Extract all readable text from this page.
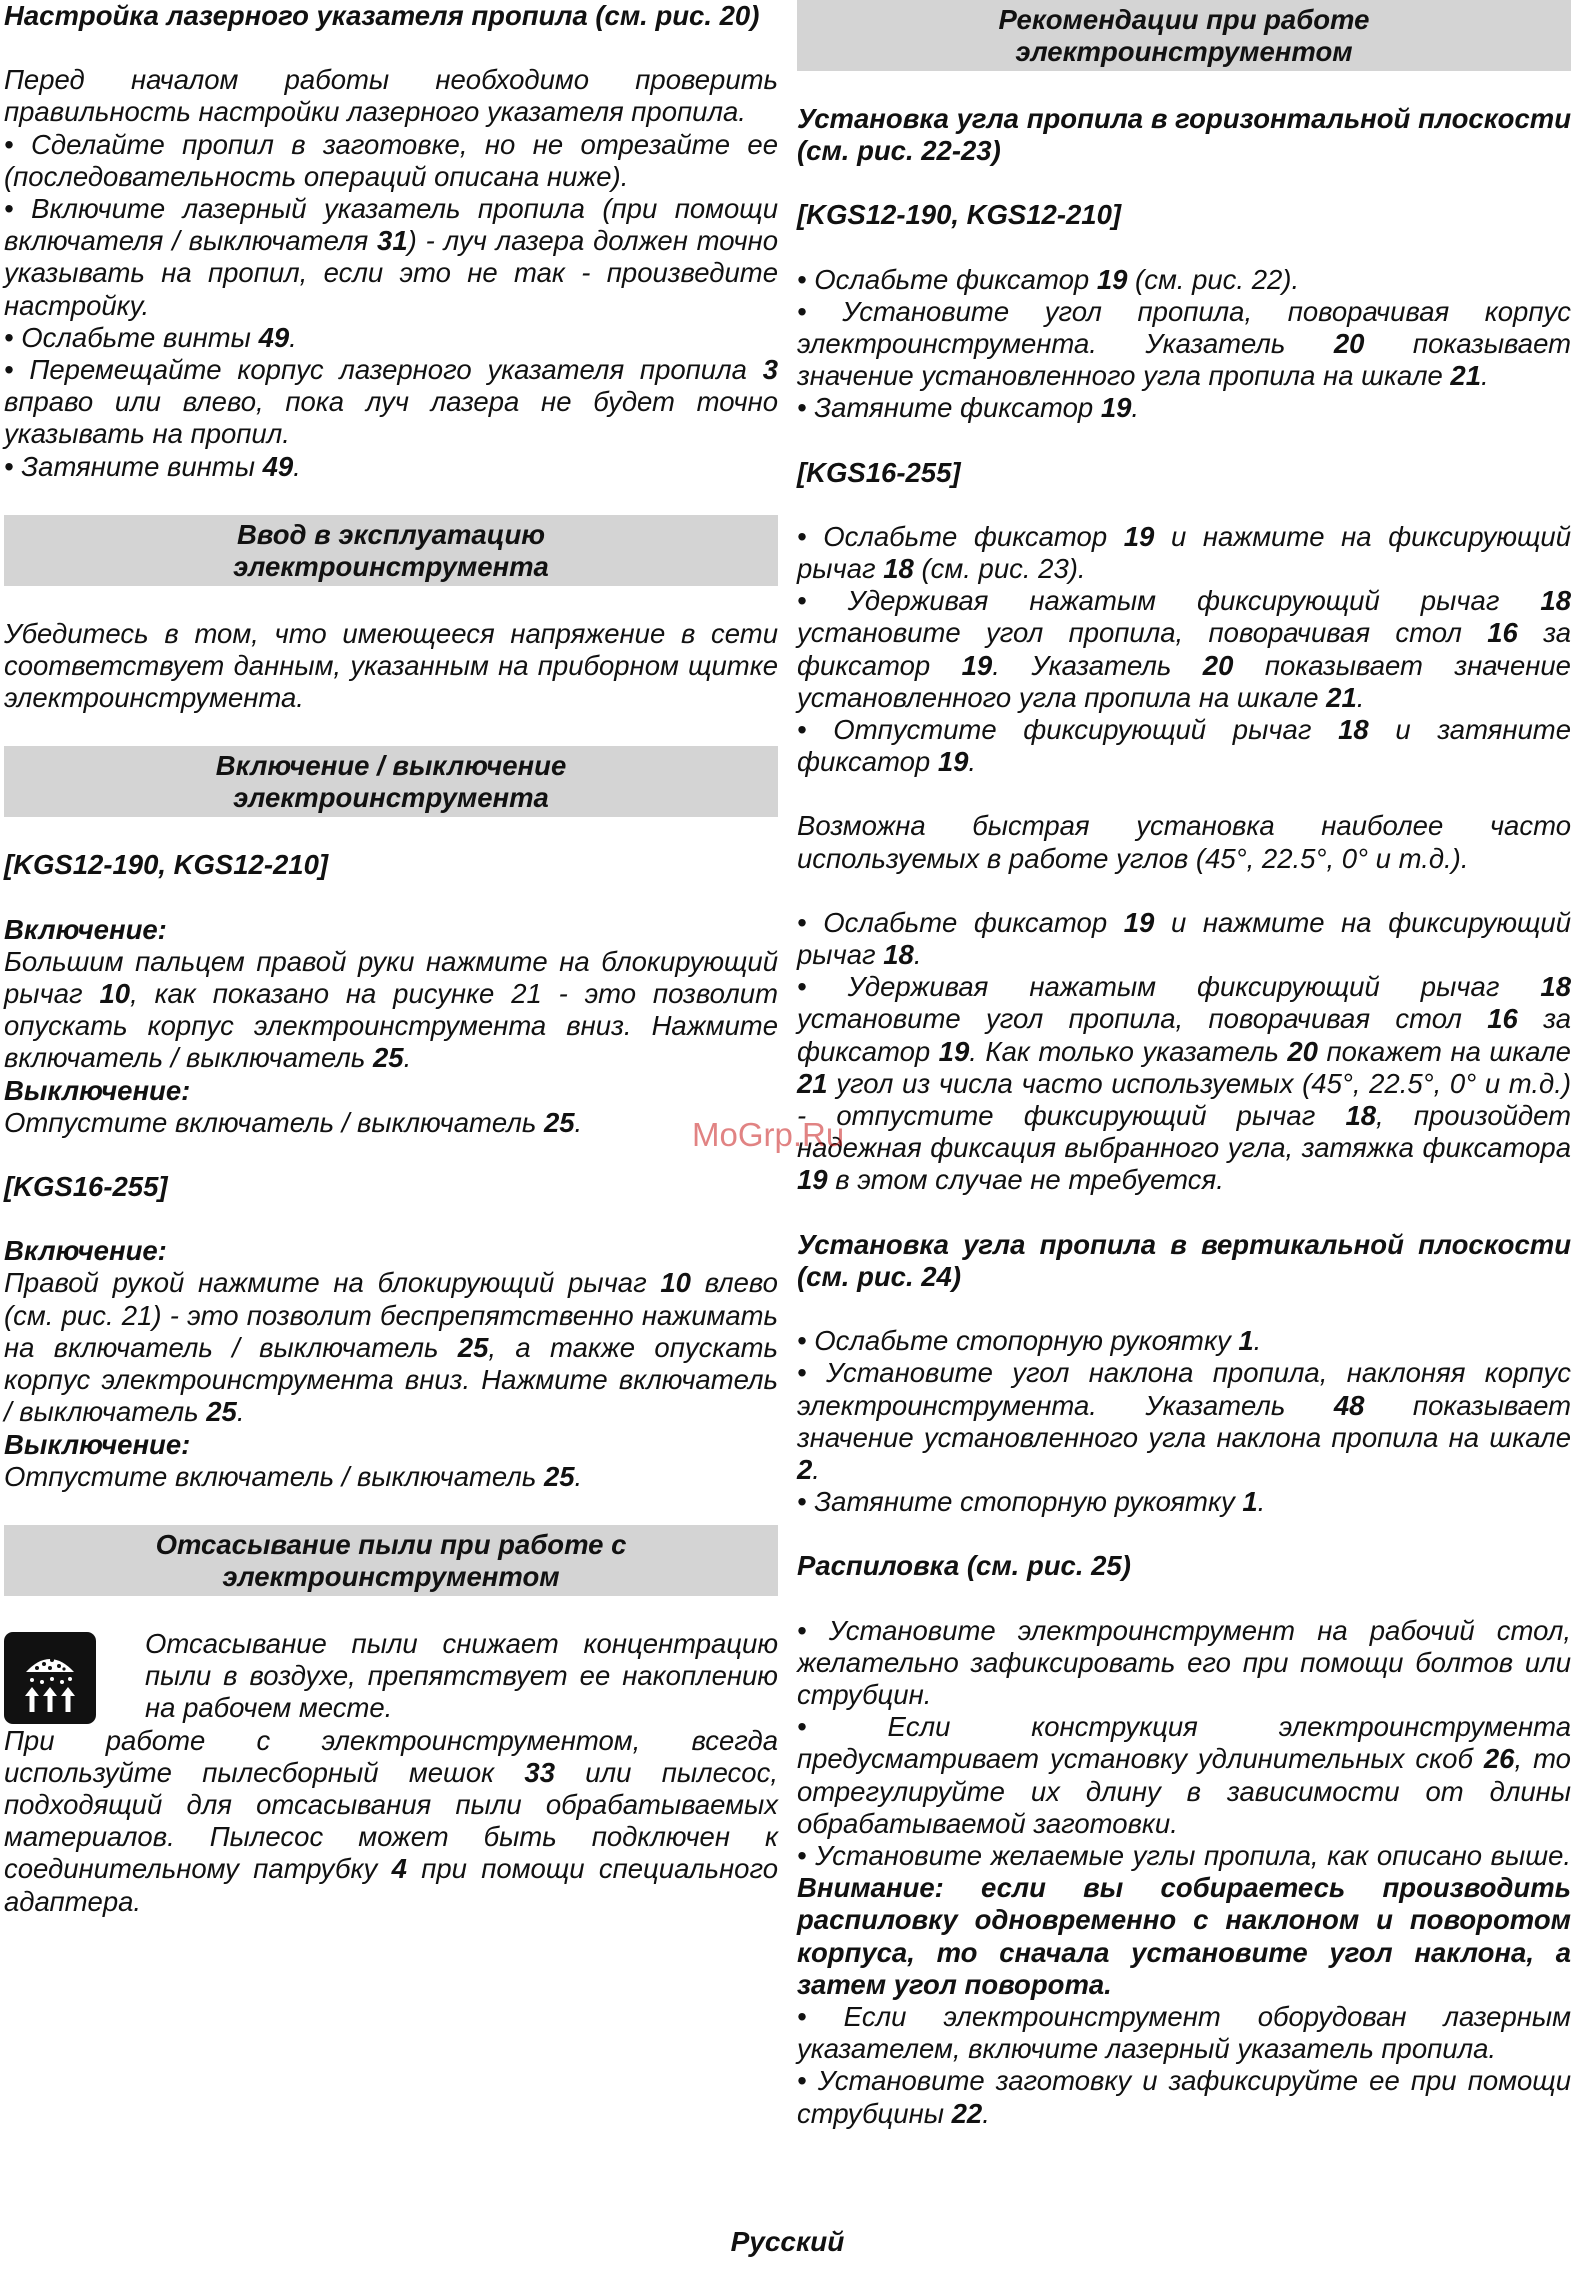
Настройка лазерного указателя пропила (см. рис. 20)

Перед началом работы необходимо проверить правильность настройки лазерного указателя пропила.

• Сделайте пропил в заготовке, но не отрезайте ее (последовательность операций описана ниже).

• Включите лазерный указатель пропила (при помощи включателя / выключателя 31) - луч лазера должен точно указывать на пропил, если это не так - произведите настройку.

• Ослабьте винты 49.

• Перемещайте корпус лазерного указателя пропила 3 вправо или влево, пока луч лазера не будет точно указывать на пропил.

• Затяните винты 49.

Ввод в эксплуатацию
электроинструмента

Убедитесь в том, что имеющееся напряжение в сети соответствует данным, указанным на приборном щитке электроинструмента.

Включение / выключение
электроинструмента

[KGS12-190, KGS12-210]

Включение:

Большим пальцем правой руки нажмите на блокирующий рычаг 10, как показано на рисунке 21 - это позволит опускать корпус электроинструмента вниз. Нажмите включатель / выключатель 25.

Выключение:

Отпустите включатель / выключатель 25.

[KGS16-255]

Включение:

Правой рукой нажмите на блокирующий рычаг 10 влево (см. рис. 21) - это позволит беспрепятственно нажимать на включатель / выключатель 25, а также опускать корпус электроинструмента вниз. Нажмите включатель / выключатель 25.

Выключение:

Отпустите включатель / выключатель 25.

Отсасывание пыли при работе с
электроинструментом

Отсасывание пыли снижает концентрацию пыли в воздухе, препятствует ее накоплению на рабочем месте.

При работе с электроинструментом, всегда используйте пылесборный мешок 33 или пылесос, подходящий для отсасывания пыли обрабатываемых материалов. Пылесос может быть подключен к соединительному патрубку 4 при помощи специального адаптера.

Рекомендации при работе
электроинструментом

Установка угла пропила в горизонтальной плоскости (см. рис. 22-23)

[KGS12-190, KGS12-210]

• Ослабьте фиксатор 19 (см. рис. 22).

• Установите угол пропила, поворачивая корпус электроинструмента. Указатель 20 показывает значение установленного угла пропила на шкале 21.

• Затяните фиксатор 19.

[KGS16-255]

• Ослабьте фиксатор 19 и нажмите на фиксирующий рычаг 18 (см. рис. 23).

• Удерживая нажатым фиксирующий рычаг 18 установите угол пропила, поворачивая стол 16 за фиксатор 19. Указатель 20 показывает значение установленного угла пропила на шкале 21.

• Отпустите фиксирующий рычаг 18 и затяните фиксатор 19.

Возможна быстрая установка наиболее часто используемых в работе углов (45°, 22.5°, 0° и т.д.).

• Ослабьте фиксатор 19 и нажмите на фиксирующий рычаг 18.

• Удерживая нажатым фиксирующий рычаг 18 установите угол пропила, поворачивая стол 16 за фиксатор 19. Как только указатель 20 покажет на шкале 21 угол из числа часто используемых (45°, 22.5°, 0° и т.д.) - отпустите фиксирующий рычаг 18, произойдет надежная фиксация выбранного угла, затяжка фиксатора 19 в этом случае не требуется.

Установка угла пропила в вертикальной плоскости (см. рис. 24)

• Ослабьте стопорную рукоятку 1.

• Установите угол наклона пропила, наклоняя корпус электроинструмента. Указатель 48 показывает значение установленного угла наклона пропила на шкале 2.

• Затяните стопорную рукоятку 1.

Распиловка (см. рис. 25)

• Установите электроинструмент на рабочий стол, желательно зафиксировать его при помощи болтов или струбцин.

• Если конструкция электроинструмента предусматривает установку удлинительных скоб 26, то отрегулируйте их длину в зависимости от длины обрабатываемой заготовки.

• Установите желаемые углы пропила, как описано выше. Внимание: если вы собираетесь производить распиловку одновременно с наклоном и поворотом корпуса, то сначала установите угол наклона, а затем угол поворота.

• Если электроинструмент оборудован лазерным указателем, включите лазерный указатель пропила.

• Установите заготовку и зафиксируйте ее при помощи струбцины 22.

MoGrp.Ru
Русский
